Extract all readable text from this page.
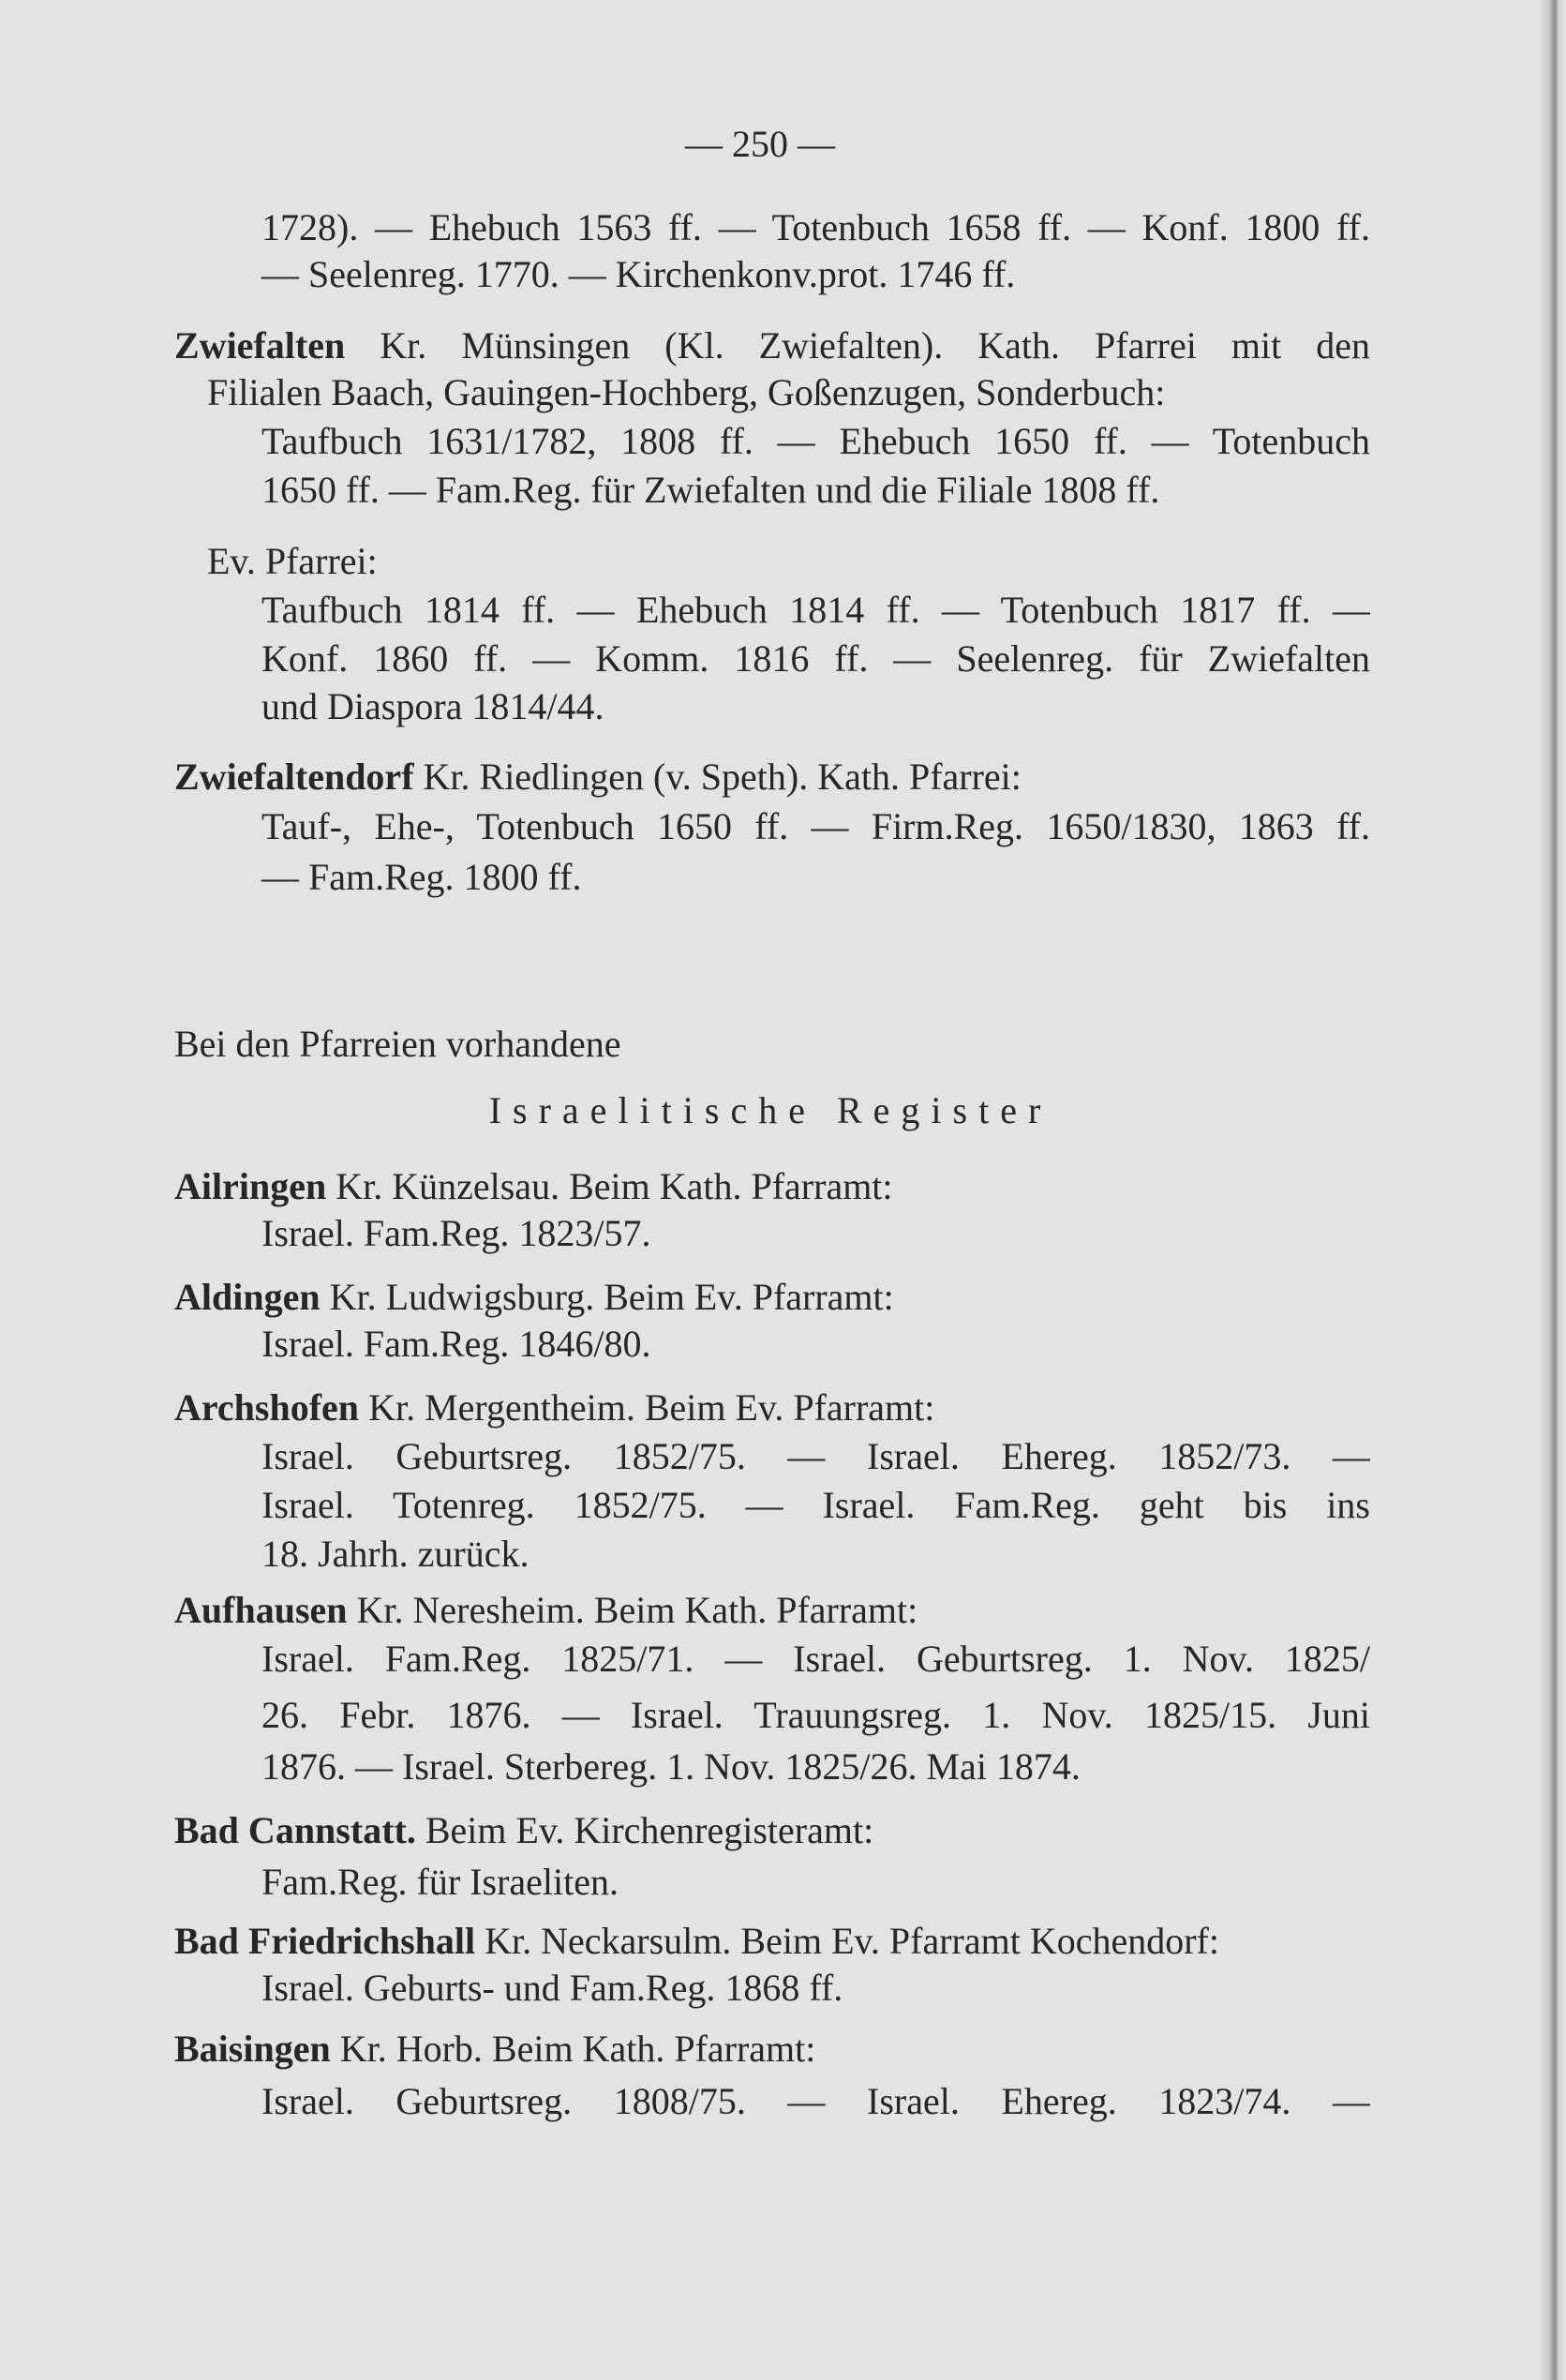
— 250 —
1728). — Ehebuch 1563 ff. — Totenbuch 1658 ff. — Konf. 1800 ff.
— Seelenreg. 1770. — Kirchenkonv.prot. 1746 ff.
Zwiefalten Kr. Münsingen (Kl. Zwiefalten). Kath. Pfarrei mit den
Filialen Baach, Gauingen-Hochberg, Goßenzugen, Sonderbuch:
Taufbuch 1631/1782, 1808 ff. — Ehebuch 1650 ff. — Totenbuch
1650 ff. — Fam.Reg. für Zwiefalten und die Filiale 1808 ff.
Ev. Pfarrei:
Taufbuch 1814 ff. — Ehebuch 1814 ff. — Totenbuch 1817 ff. —
Konf. 1860 ff. — Komm. 1816 ff. — Seelenreg. für Zwiefalten
und Diaspora 1814/44.
Zwiefaltendorf Kr. Riedlingen (v. Speth). Kath. Pfarrei:
Tauf-, Ehe-, Totenbuch 1650 ff. — Firm.Reg. 1650/1830, 1863 ff.
— Fam.Reg. 1800 ff.
Bei den Pfarreien vorhandene
Israelitische Register
Ailringen Kr. Künzelsau. Beim Kath. Pfarramt:
Israel. Fam.Reg. 1823/57.
Aldingen Kr. Ludwigsburg. Beim Ev. Pfarramt:
Israel. Fam.Reg. 1846/80.
Archshofen Kr. Mergentheim. Beim Ev. Pfarramt:
Israel. Geburtsreg. 1852/75. — Israel. Ehereg. 1852/73. —
Israel. Totenreg. 1852/75. — Israel. Fam.Reg. geht bis ins
18. Jahrh. zurück.
Aufhausen Kr. Neresheim. Beim Kath. Pfarramt:
Israel. Fam.Reg. 1825/71. — Israel. Geburtsreg. 1. Nov. 1825/
26. Febr. 1876. — Israel. Trauungsreg. 1. Nov. 1825/15. Juni
1876. — Israel. Sterbereg. 1. Nov. 1825/26. Mai 1874.
Bad Cannstatt. Beim Ev. Kirchenregisteramt:
Fam.Reg. für Israeliten.
Bad Friedrichshall Kr. Neckarsulm. Beim Ev. Pfarramt Kochendorf:
Israel. Geburts- und Fam.Reg. 1868 ff.
Baisingen Kr. Horb. Beim Kath. Pfarramt:
Israel. Geburtsreg. 1808/75. — Israel. Ehereg. 1823/74. —
